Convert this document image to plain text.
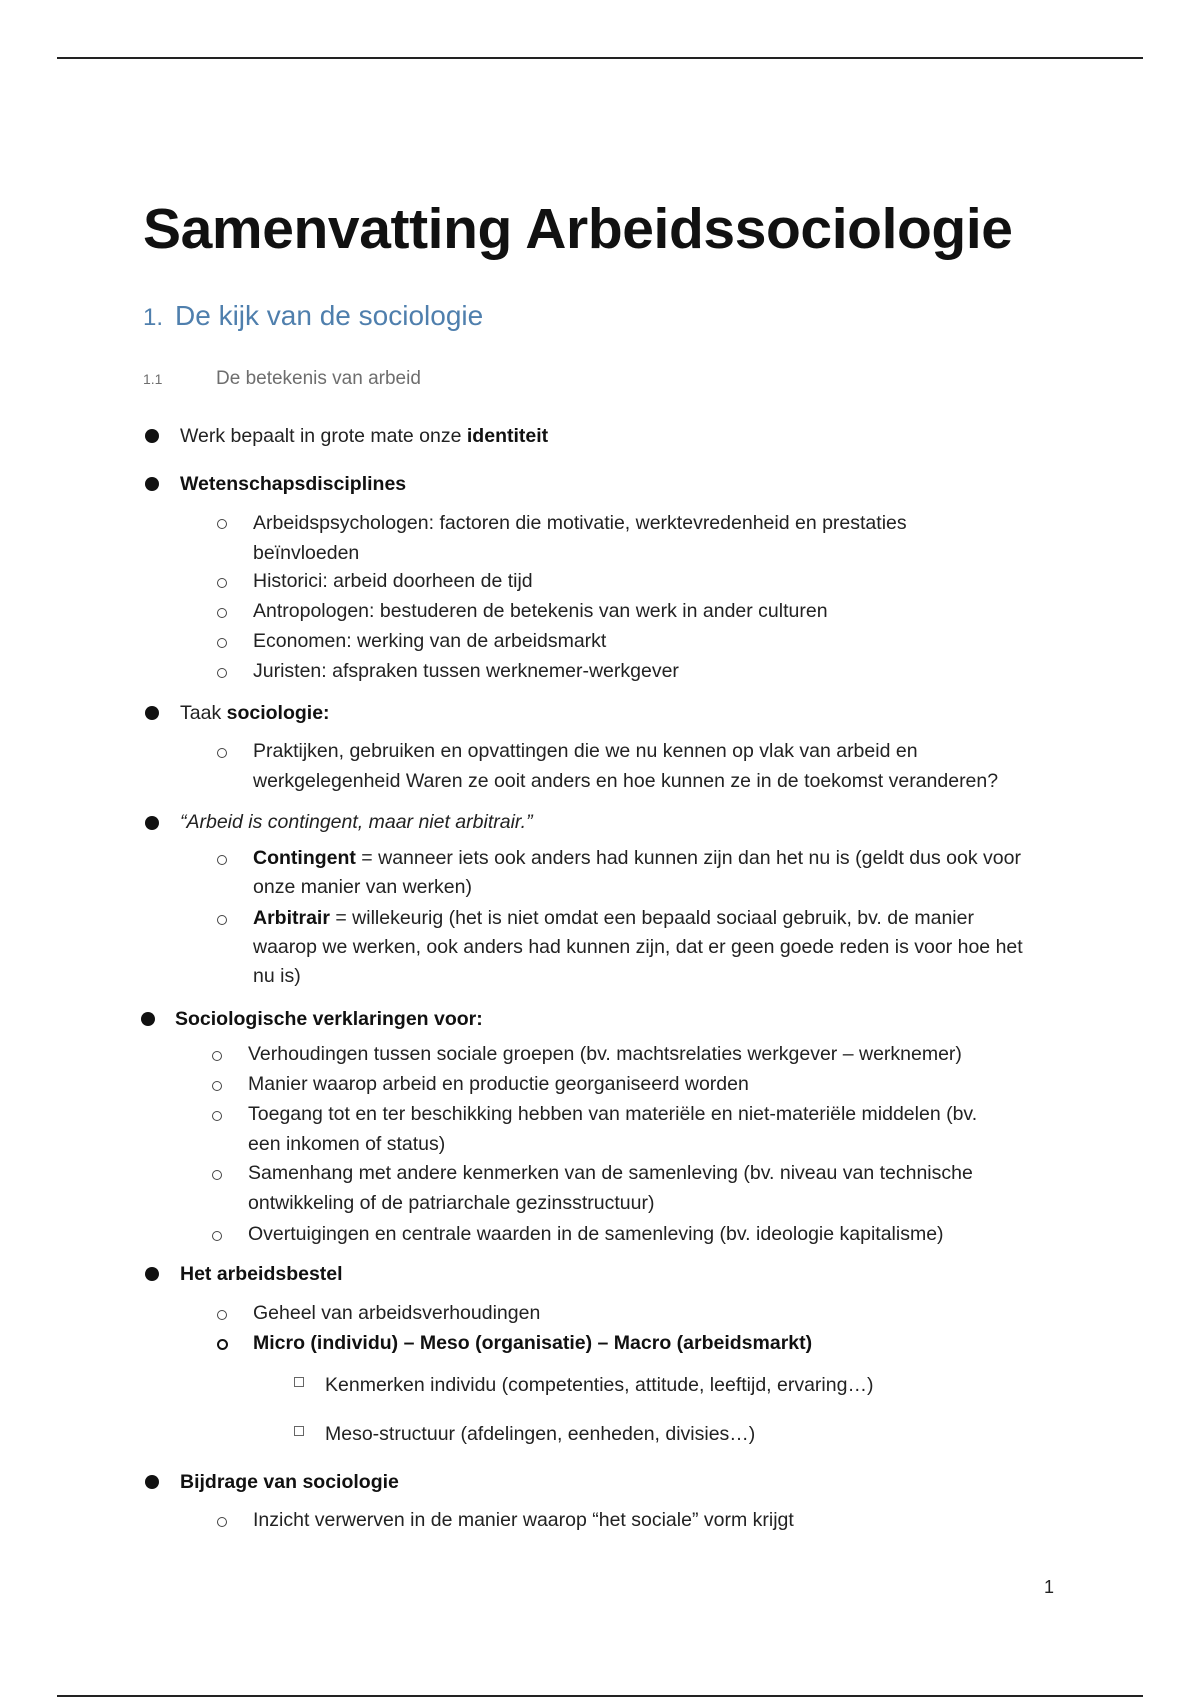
Samenvatting Arbeidssociologie
1. De kijk van de sociologie
1.1	De betekenis van arbeid
Werk bepaalt in grote mate onze identiteit
Wetenschapsdisciplines
Arbeidspsychologen: factoren die motivatie, werktevredenheid en prestaties
beïnvloeden
Historici: arbeid doorheen de tijd
Antropologen: bestuderen de betekenis van werk in ander culturen
Economen: werking van de arbeidsmarkt
Juristen: afspraken tussen werknemer-werkgever
Taak sociologie:
Praktijken, gebruiken en opvattingen die we nu kennen op vlak van arbeid en
werkgelegenheid Waren ze ooit anders en hoe kunnen ze in de toekomst veranderen?
“Arbeid is contingent, maar niet arbitrair.”
Contingent = wanneer iets ook anders had kunnen zijn dan het nu is (geldt dus ook voor
onze manier van werken)
Arbitrair = willekeurig (het is niet omdat een bepaald sociaal gebruik, bv. de manier
waarop we werken, ook anders had kunnen zijn, dat er geen goede reden is voor hoe het
nu is)
Sociologische verklaringen voor:
Verhoudingen tussen sociale groepen (bv. machtsrelaties werkgever – werknemer)
Manier waarop arbeid en productie georganiseerd worden
Toegang tot en ter beschikking hebben van materiële en niet-materiële middelen (bv.
een inkomen of status)
Samenhang met andere kenmerken van de samenleving (bv. niveau van technische
ontwikkeling of de patriarchale gezinsstructuur)
Overtuigingen en centrale waarden in de samenleving (bv. ideologie kapitalisme)
Het arbeidsbestel
Geheel van arbeidsverhoudingen
Micro (individu) – Meso (organisatie) – Macro (arbeidsmarkt)
Kenmerken individu (competenties, attitude, leeftijd, ervaring…)
Meso-structuur (afdelingen, eenheden, divisies…)
Bijdrage van sociologie
Inzicht verwerven in de manier waarop “het sociale” vorm krijgt
1
